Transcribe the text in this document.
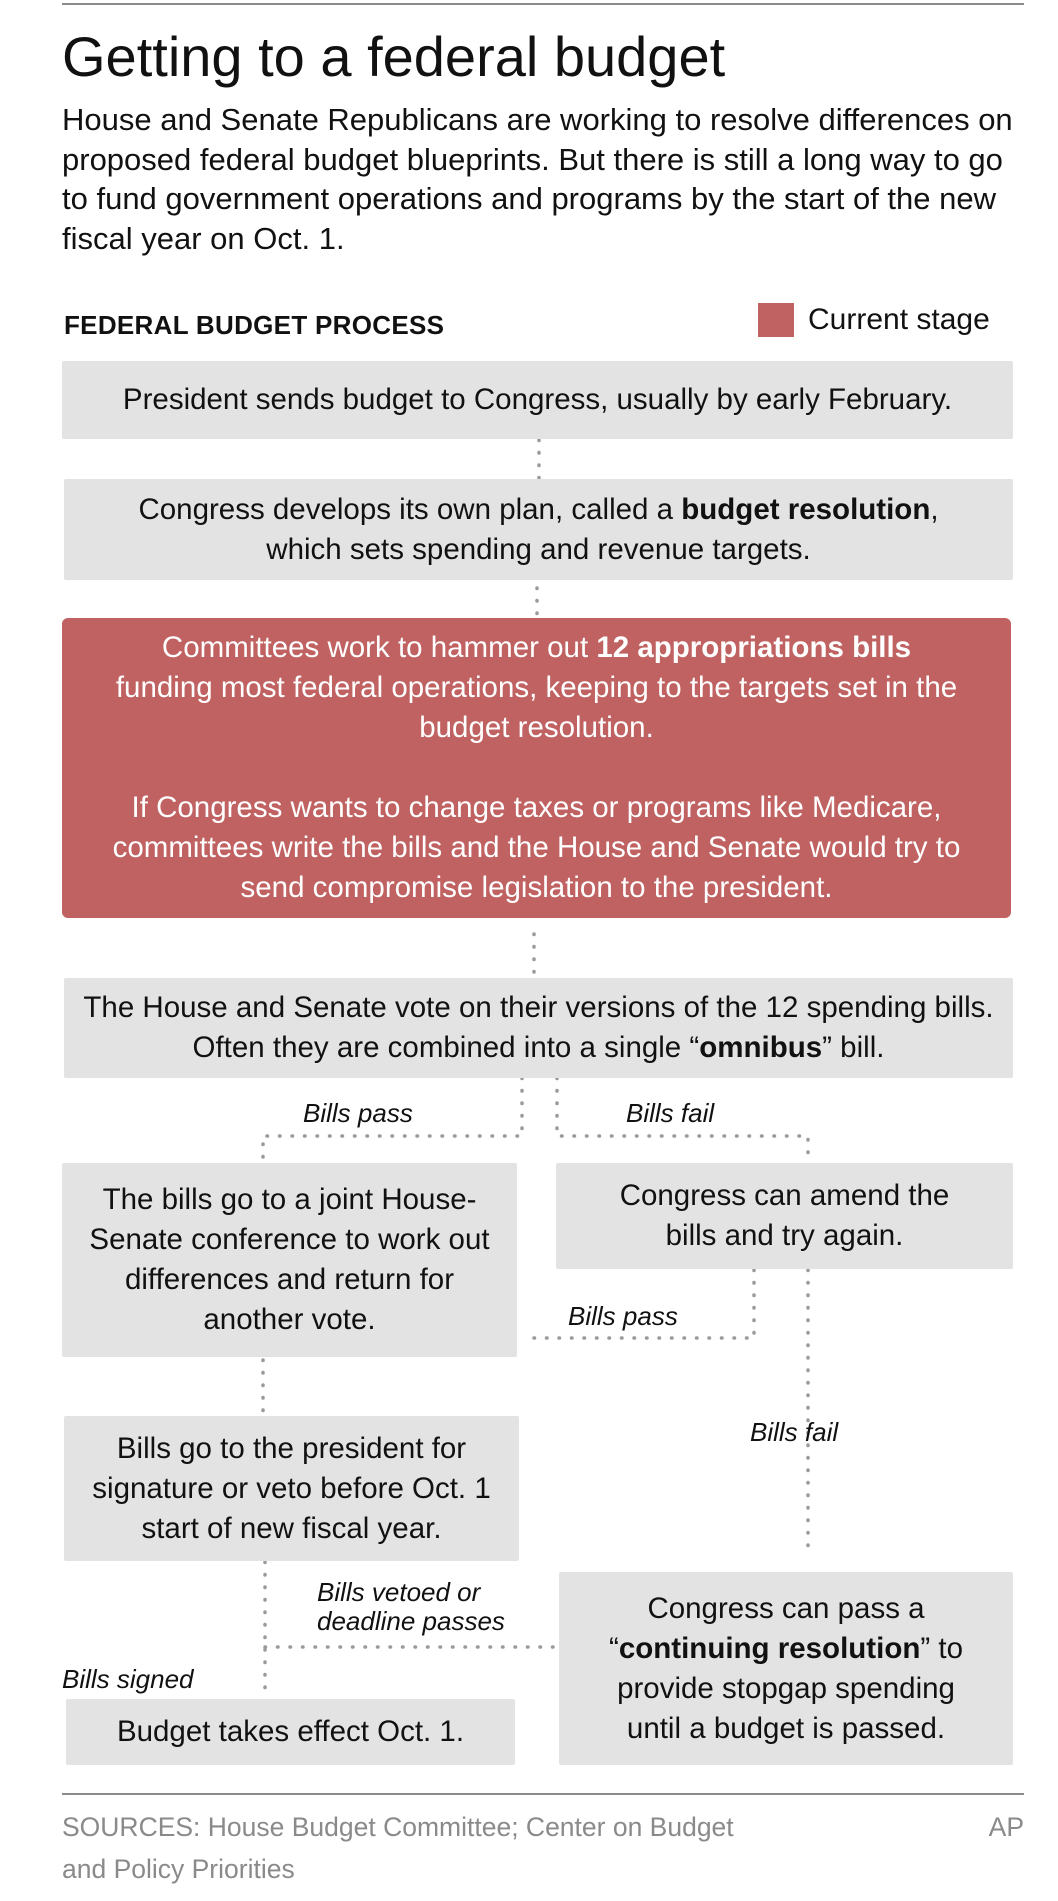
Getting to a federal budget
House and Senate Republicans are working to resolve differences on proposed federal budget blueprints. But there is still a long way to go to fund government operations and programs by the start of the new fiscal year on Oct. 1.
FEDERAL BUDGET PROCESS	Current stage

President sends budget to Congress, usually by early February.

Congress develops its own plan, called a budget resolution, which sets spending and revenue targets.

Committees work to hammer out 12 appropriations bills funding most federal operations, keeping to the targets set in the budget resolution.

If Congress wants to change taxes or programs like Medicare, committees write the bills and the House and Senate would try to send compromise legislation to the president.

The House and Senate vote on their versions of the 12 spending bills. Often they are combined into a single “omnibus” bill.

The bills go to a joint House-Senate conference to work out differences and return for another vote.

Congress can amend the bills and try again.

Bills go to the president for signature or veto before Oct. 1 start of new fiscal year.

Congress can pass a “continuing resolution” to provide stopgap spending until a budget is passed.

Budget takes effect Oct. 1.

Bills pass	Bills fail
Bills pass
Bills fail
Bills vetoed or
deadline passes
Bills signed
SOURCES: House Budget Committee; Center on Budget and Policy Priorities
AP
